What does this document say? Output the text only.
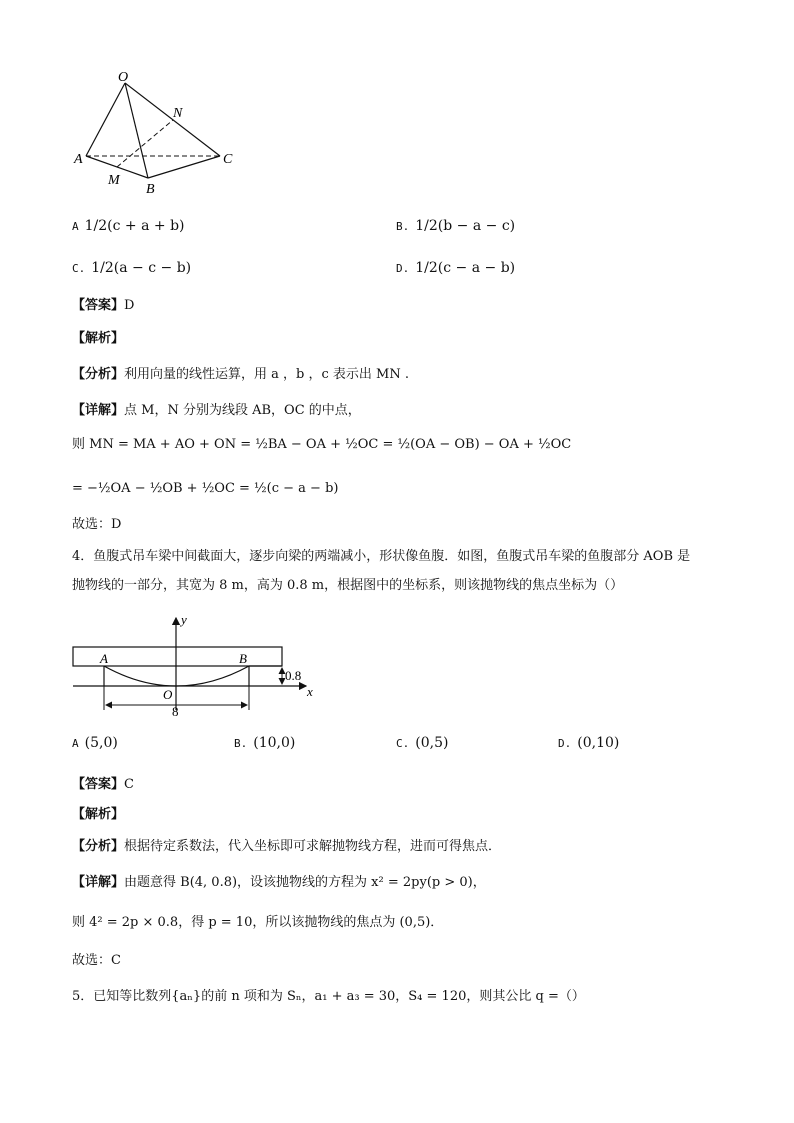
O
N
A	C
M
B
A 1/2(c + a + b)	B. 1/2(b − a − c)
C. 1/2(a − c − b)	D. 1/2(c − a − b)
【答案】D
【解析】
【分析】利用向量的线性运算，用 a ，b ，c 表示出 MN .
【详解】点 M，N 分别为线段 AB，OC 的中点，
则 MN = MA + AO + ON = ½BA − OA + ½OC = ½(OA − OB) − OA + ½OC
= −½OA − ½OB + ½OC = ½(c − a − b)
故选：D
4．鱼腹式吊车梁中间截面大，逐步向梁的两端减小，形状像鱼腹．如图，鱼腹式吊车梁的鱼腹部分 AOB 是
抛物线的一部分，其宽为 8 m，高为 0.8 m，根据图中的坐标系，则该抛物线的焦点坐标为（）
y
x
A	B
O
0.8
8
A (5,0)	B. (10,0)	C. (0,5)	D. (0,10)
【答案】C
【解析】
【分析】根据待定系数法，代入坐标即可求解抛物线方程，进而可得焦点．
【详解】由题意得 B(4, 0.8)，设该抛物线的方程为 x² = 2py(p > 0)，
则 4² = 2p × 0.8，得 p = 10，所以该抛物线的焦点为 (0,5)．
故选：C
5．已知等比数列{aₙ}的前 n 项和为 Sₙ，a₁ + a₃ = 30，S₄ = 120，则其公比 q =（）
